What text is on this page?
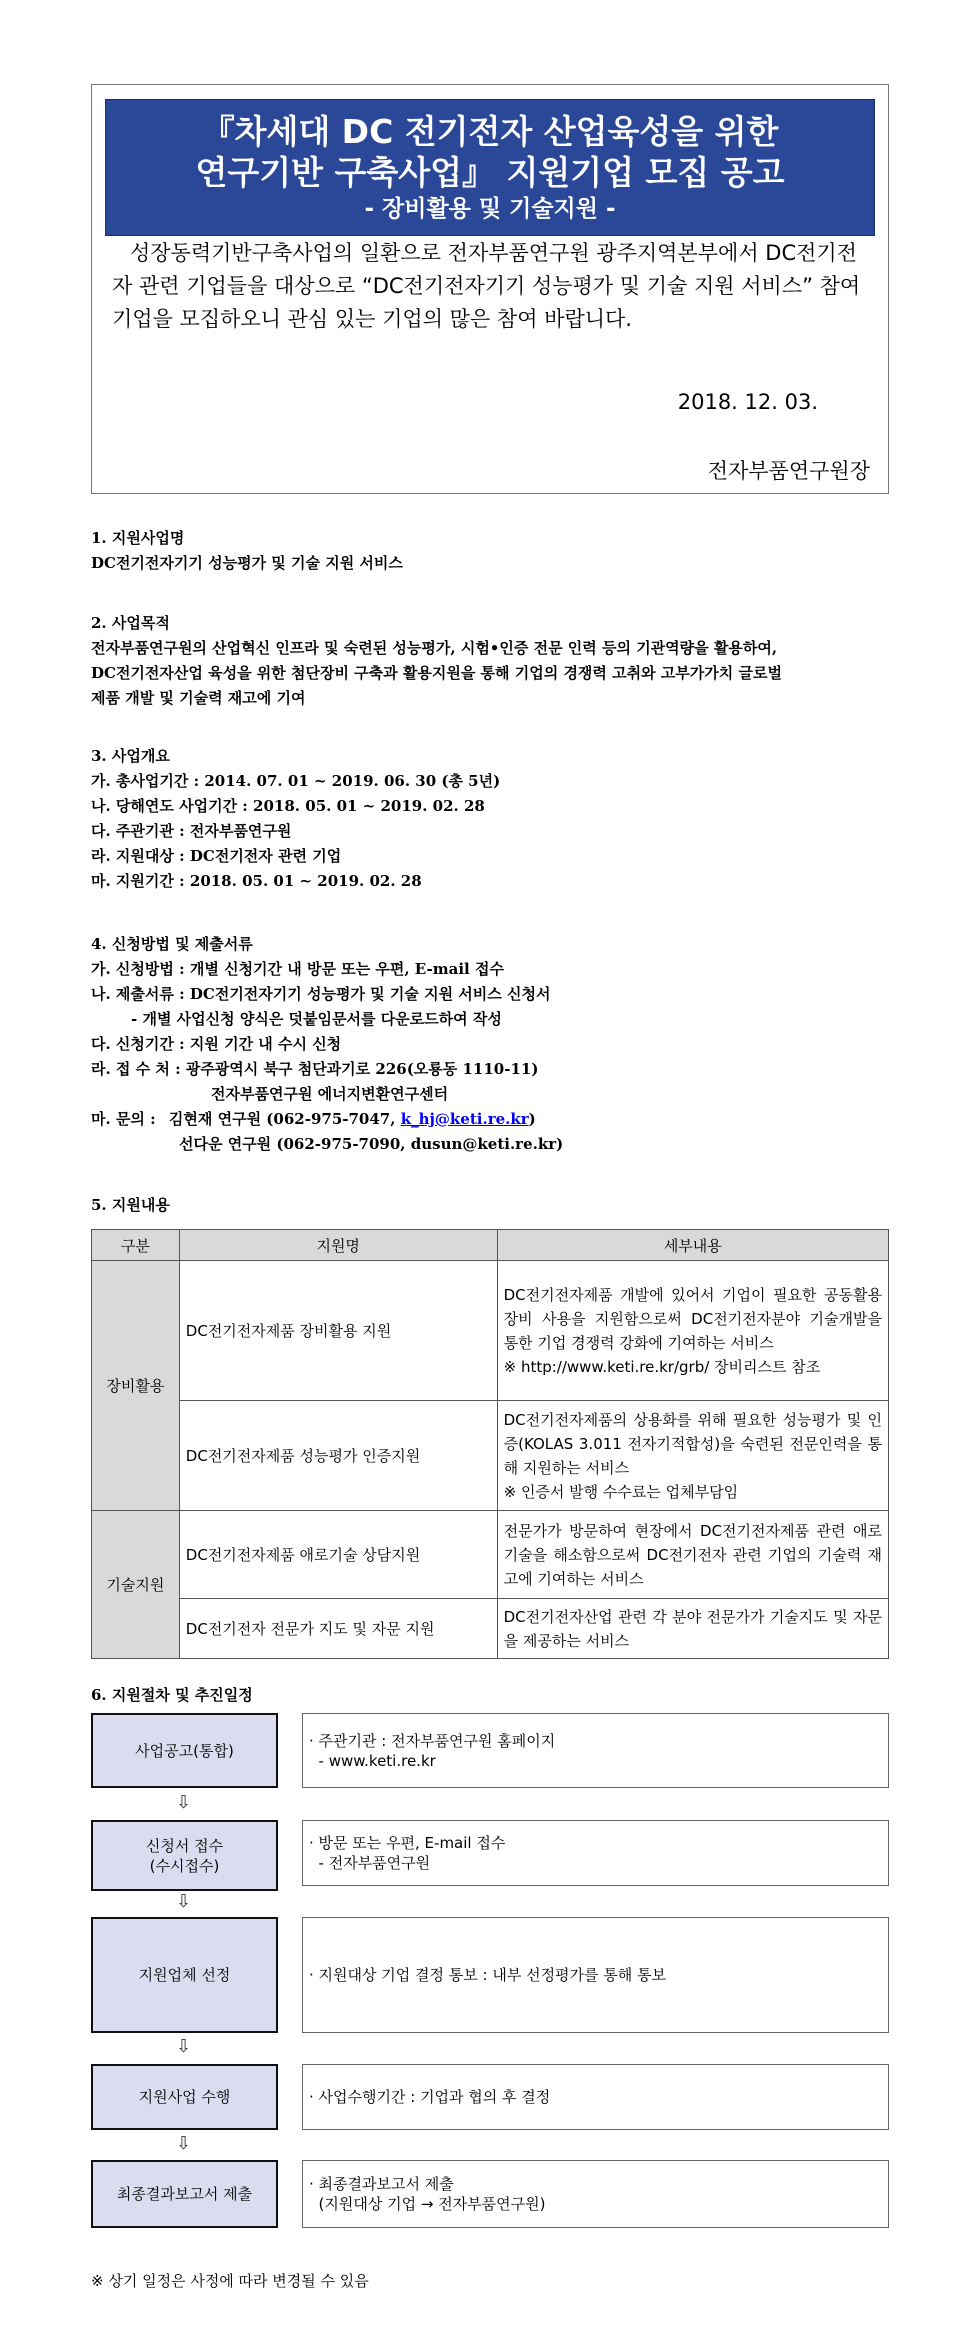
『차세대 DC 전기전자 산업육성을 위한
연구기반 구축사업』 지원기업 모집 공고
- 장비활용 및 기술지원 -
성장동력기반구축사업의 일환으로 전자부품연구원 광주지역본부에서 DC전기전자 관련 기업들을 대상으로 “DC전기전자기기 성능평가 및 기술 지원 서비스” 참여기업을 모집하오니 관심 있는 기업의 많은 참여 바랍니다.
2018. 12. 03.
전자부품연구원장
1. 지원사업명
DC전기전자기기 성능평가 및 기술 지원 서비스
2. 사업목적
전자부품연구원의 산업혁신 인프라 및 숙련된 성능평가, 시험•인증 전문 인력 등의 기관역량을 활용하여,
DC전기전자산업 육성을 위한 첨단장비 구축과 활용지원을 통해 기업의 경쟁력 고취와 고부가가치 글로벌
제품 개발 및 기술력 재고에 기여
3. 사업개요
가. 총사업기간 : 2014. 07. 01 ~ 2019. 06. 30 (총 5년)
나. 당해연도 사업기간 : 2018. 05. 01 ~ 2019. 02. 28
다. 주관기관 : 전자부품연구원
라. 지원대상 : DC전기전자 관련 기업
마. 지원기간 : 2018. 05. 01 ~ 2019. 02. 28
4. 신청방법 및 제출서류
가. 신청방법 : 개별 신청기간 내 방문 또는 우편, E-mail 접수
나. 제출서류 : DC전기전자기기 성능평가 및 기술 지원 서비스 신청서
- 개별 사업신청 양식은 덧붙임문서를 다운로드하여 작성
다. 신청기간 : 지원 기간 내 수시 신청
라. 접 수 처 : 광주광역시 북구 첨단과기로 226(오룡동 1110-11)
전자부품연구원 에너지변환연구센터
마. 문의 : 김현재 연구원 (062-975-7047, k_hj@keti.re.kr)
선다운 연구원 (062-975-7090, dusun@keti.re.kr)
5. 지원내용
구분	지원명	세부내용
장비활용	DC전기전자제품 장비활용 지원	DC전기전자제품 개발에 있어서 기업이 필요한 공동활용 장비 사용을 지원함으로써 DC전기전자분야 기술개발을 통한 기업 경쟁력 강화에 기여하는 서비스
※ http://www.keti.re.kr/grb/ 장비리스트 참조

	DC전기전자제품 성능평가 인증지원	DC전기전자제품의 상용화를 위해 필요한 성능평가 및 인증(KOLAS 3.011 전자기적합성)을 숙련된 전문인력을 통해 지원하는 서비스
※ 인증서 발행 수수료는 업체부담임

기술지원	DC전기전자제품 애로기술 상담지원	전문가가 방문하여 현장에서 DC전기전자제품 관련 애로기술을 해소함으로써 DC전기전자 관련 기업의 기술력 재고에 기여하는 서비스

	DC전기전자 전문가 지도 및 자문 지원	DC전기전자산업 관련 각 분야 전문가가 기술지도 및 자문을 제공하는 서비스
6. 지원절차 및 추진일정
사업공고(통합)
· 주관기관 : 전자부품연구원 홈페이지
- www.keti.re.kr
⇩
신청서 접수
(수시접수)
· 방문 또는 우편, E-mail 접수
- 전자부품연구원
⇩
지원업체 선정	· 지원대상 기업 결정 통보 : 내부 선정평가를 통해 통보
⇩
지원사업 수행	· 사업수행기간 : 기업과 협의 후 결정
⇩
최종결과보고서 제출
· 최종결과보고서 제출
(지원대상 기업 → 전자부품연구원)
※ 상기 일정은 사정에 따라 변경될 수 있음
